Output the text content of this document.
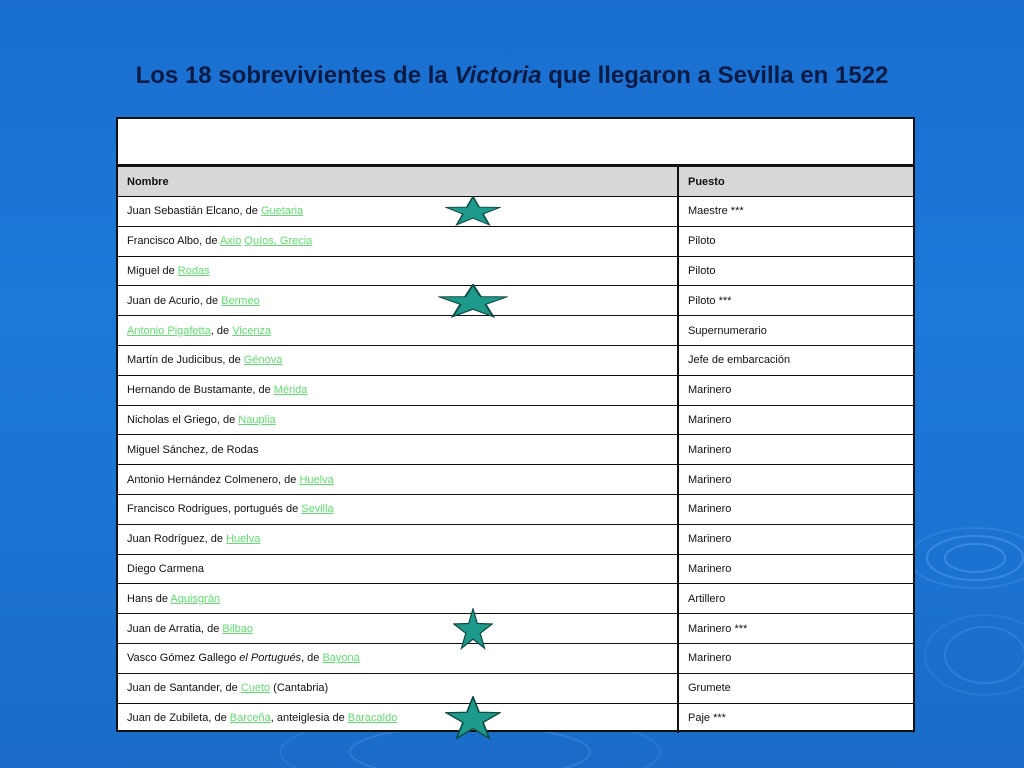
Los 18 sobrevivientes de la Victoria que llegaron a Sevilla en 1522
Nombre	Puesto
Juan Sebastián Elcano, de Guetaria	Maestre ***
Francisco Albo, de Axio Quíos, Grecia	Piloto
Miguel de Rodas	Piloto
Juan de Acurio, de Bermeo	Piloto ***
Antonio Pigafetta, de Vicenza	Supernumerario
Martín de Judicibus, de Génova	Jefe de embarcación
Hernando de Bustamante, de Mérida	Marinero
Nicholas el Griego, de Nauplia	Marinero
Miguel Sánchez, de Rodas	Marinero
Antonio Hernández Colmenero, de Huelva	Marinero
Francisco Rodrigues, portugués de Sevilla	Marinero
Juan Rodríguez, de Huelva	Marinero
Diego Carmena	Marinero
Hans de Aquisgrán	Artillero
Juan de Arratia, de Bilbao	Marinero ***
Vasco Gómez Gallego el Portugués, de Bayona	Marinero
Juan de Santander, de Cueto (Cantabria)	Grumete
Juan de Zubileta, de Barceña, anteiglesia de Baracaldo	Paje ***
